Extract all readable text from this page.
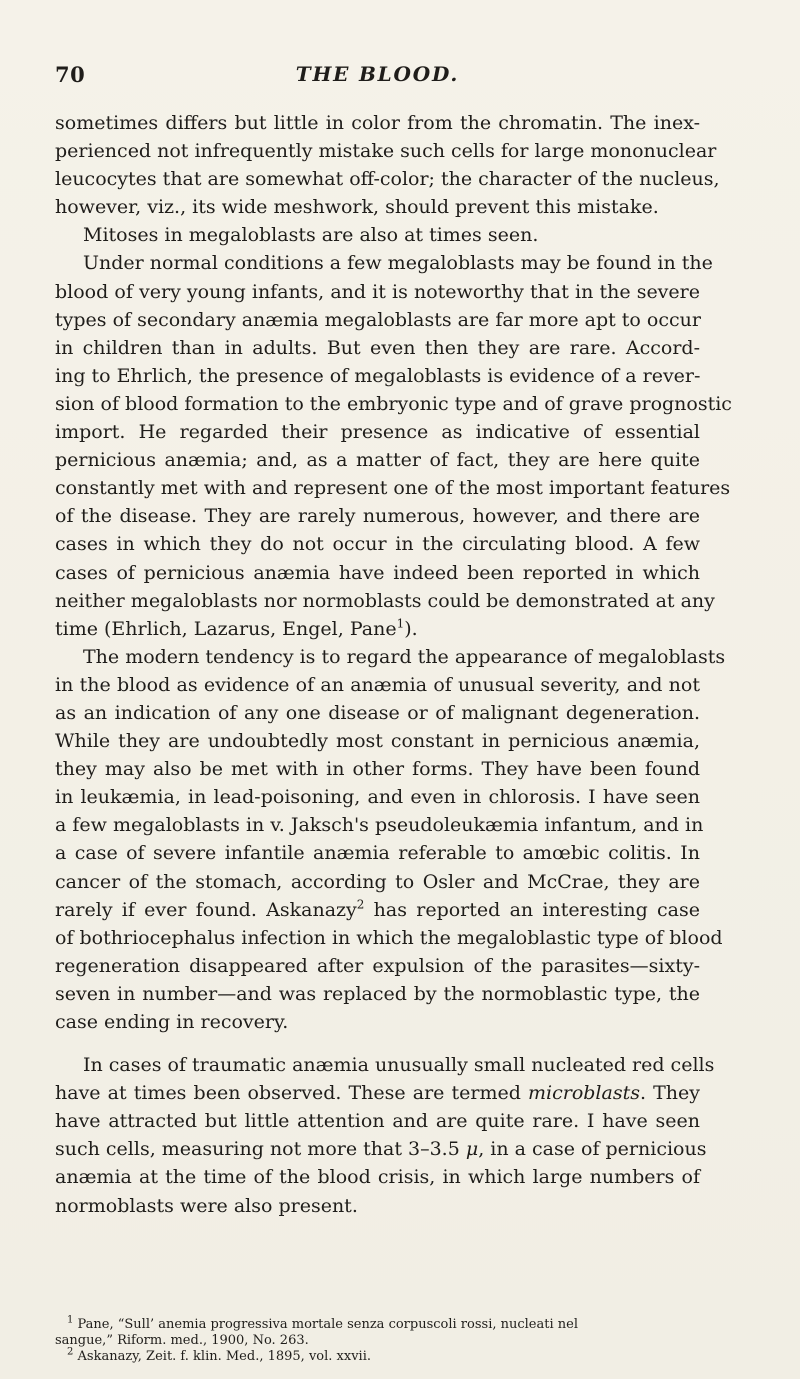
70	THE BLOOD.
sometimes differs but little in color from the chromatin. The inex-
perienced not infrequently mistake such cells for large mononuclear
leucocytes that are somewhat off-color; the character of the nucleus,
however, viz., its wide meshwork, should prevent this mistake.
Mitoses in megaloblasts are also at times seen.
Under normal conditions a few megaloblasts may be found in the
blood of very young infants, and it is noteworthy that in the severe
types of secondary anæmia megaloblasts are far more apt to occur
in children than in adults. But even then they are rare. Accord-
ing to Ehrlich, the presence of megaloblasts is evidence of a rever-
sion of blood formation to the embryonic type and of grave prognostic
import. He regarded their presence as indicative of essential
pernicious anæmia; and, as a matter of fact, they are here quite
constantly met with and represent one of the most important features
of the disease. They are rarely numerous, however, and there are
cases in which they do not occur in the circulating blood. A few
cases of pernicious anæmia have indeed been reported in which
neither megaloblasts nor normoblasts could be demonstrated at any
time (Ehrlich, Lazarus, Engel, Pane$^1$).
The modern tendency is to regard the appearance of megaloblasts
in the blood as evidence of an anæmia of unusual severity, and not
as an indication of any one disease or of malignant degeneration.
While they are undoubtedly most constant in pernicious anæmia,
they may also be met with in other forms. They have been found
in leukæmia, in lead-poisoning, and even in chlorosis. I have seen
a few megaloblasts in v. Jaksch's pseudoleukæmia infantum, and in
a case of severe infantile anæmia referable to amœbic colitis. In
cancer of the stomach, according to Osler and McCrae, they are
rarely if ever found. Askanazy$^2$ has reported an interesting case
of bothriocephalus infection in which the megaloblastic type of blood
regeneration disappeared after expulsion of the parasites—sixty-
seven in number—and was replaced by the normoblastic type, the
case ending in recovery.
In cases of traumatic anæmia unusually small nucleated red cells
have at times been observed. These are termed microblasts. They
have attracted but little attention and are quite rare. I have seen
such cells, measuring not more that 3–3.5 μ, in a case of pernicious
anæmia at the time of the blood crisis, in which large numbers of
normoblasts were also present.
$^1$ Pane, “Sull’ anemia progressiva mortale senza corpuscoli rossi, nucleati nel
sangue,” Riform. med., 1900, No. 263.
$^2$ Askanazy, Zeit. f. klin. Med., 1895, vol. xxvii.
